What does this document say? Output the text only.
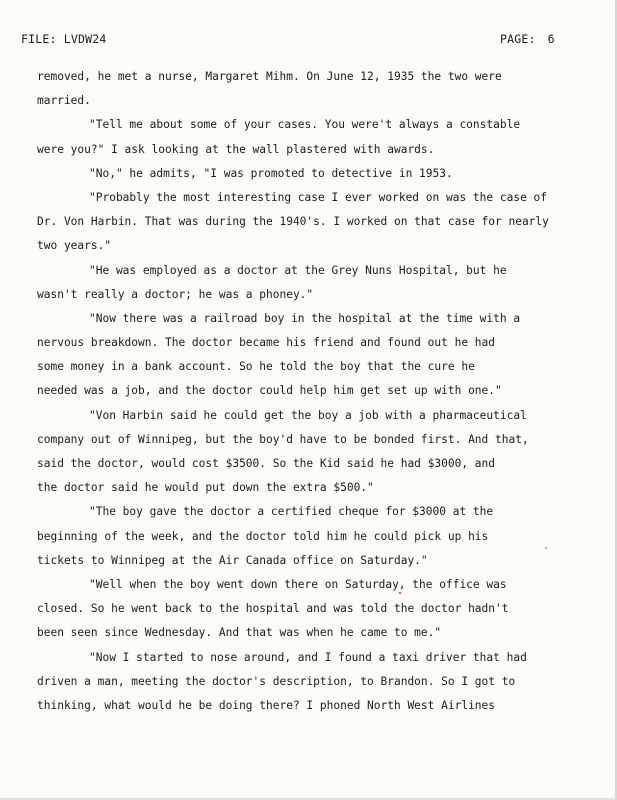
FILE: LVDW24	PAGE: 6
removed, he met a nurse, Margaret Mihm. On June 12, 1935 the two were
married.
"Tell me about some of your cases. You were't always a constable
were you?" I ask looking at the wall plastered with awards.
"No," he admits, "I was promoted to detective in 1953.
"Probably the most interesting case I ever worked on was the case of
Dr. Von Harbin. That was during the 1940's. I worked on that case for nearly
two years."
"He was employed as a doctor at the Grey Nuns Hospital, but he
wasn't really a doctor; he was a phoney."
"Now there was a railroad boy in the hospital at the time with a
nervous breakdown. The doctor became his friend and found out he had
some money in a bank account. So he told the boy that the cure he
needed was a job, and the doctor could help him get set up with one."
"Von Harbin said he could get the boy a job with a pharmaceutical
company out of Winnipeg, but the boy'd have to be bonded first. And that,
said the doctor, would cost $3500. So the Kid said he had $3000, and
the doctor said he would put down the extra $500."
"The boy gave the doctor a certified cheque for $3000 at the
beginning of the week, and the doctor told him he could pick up his
tickets to Winnipeg at the Air Canada office on Saturday."
"Well when the boy went down there on Saturday, the office was
closed. So he went back to the hospital and was told the doctor hadn't
been seen since Wednesday. And that was when he came to me."
"Now I started to nose around, and I found a taxi driver that had
driven a man, meeting the doctor's description, to Brandon. So I got to
thinking, what would he be doing there? I phoned North West Airlines
